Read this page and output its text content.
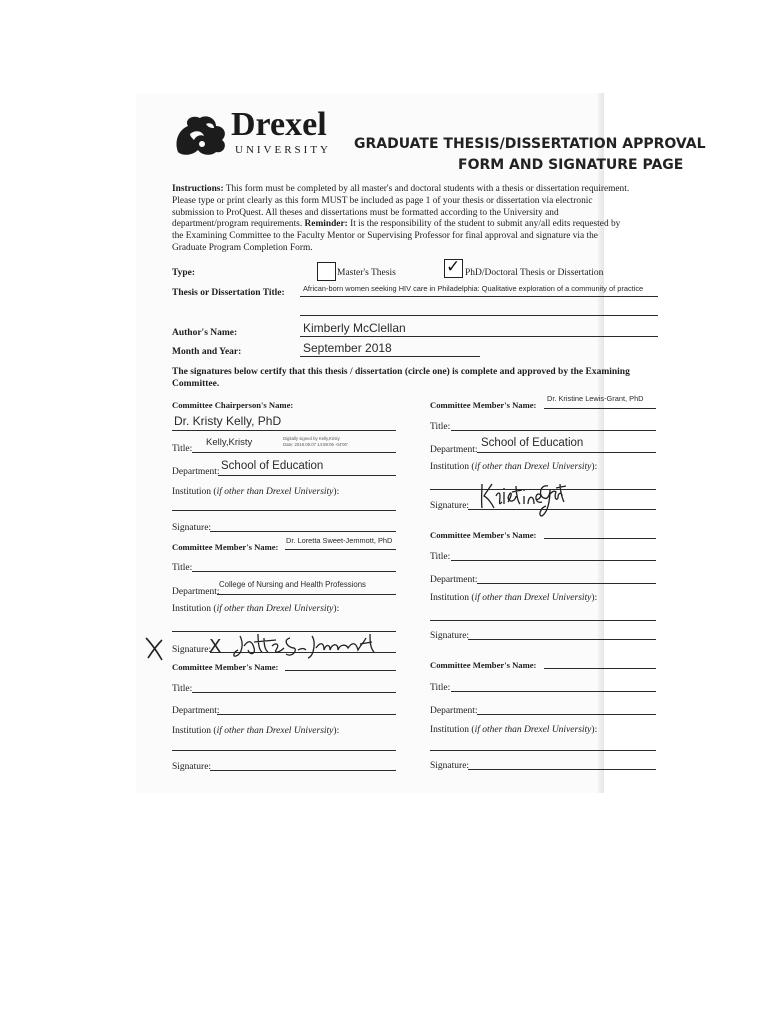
Drexel
UNIVERSITY GRADUATE THESIS/DISSERTATION APPROVAL
FORM AND SIGNATURE PAGE

Instructions: This form must be completed by all master's and doctoral students with a thesis or dissertation requirement.

Please type or print clearly as this form MUST be included as page 1 of your thesis or dissertation via electronic

submission to ProQuest. All theses and dissertations must be formatted according to the University and

department/program requirements. Reminder: It is the responsibility of the student to submit any/all edits requested by

the Examining Committee to the Faculty Mentor or Supervising Professor for final approval and signature via the

Graduate Program Completion Form.

Type:	Master's Thesis	✓ PhD/Doctoral Thesis or Dissertation
Thesis or Dissertation Title: African-born women seeking HIV care in Philadelphia: Qualitative exploration of a community of practice
Author's Name:	Kimberly McClellan
Month and Year:	September 2018
The signatures below certify that this thesis / dissertation (circle one) is complete and approved by the Examining
Committee.
Committee Chairperson's Name:
Dr. Kristy Kelly, PhD
Title:
Kelly,Kristy	Digitally signed by Kelly,Kristy
Date: 2018.09.07 14:59:06 -04'00'
Department: School of Education
Institution (if other than Drexel University):
Signature:
Committee Member's Name:
Dr. Loretta Sweet-Jemmott, PhD
Title:
Department:
College of Nursing and Health Professions
Institution (if other than Drexel University):
Signature:
X
Committee Member's Name:
Title:
Department:
Institution (if other than Drexel University):
Signature:
Committee Member's Name:
Dr. Kristine Lewis-Grant, PhD
Title:
Department:
School of Education
Institution (if other than Drexel University):
Signature:
Committee Member's Name:
Title:
Department:
Institution (if other than Drexel University):
Signature:
Committee Member's Name:
Title:
Department:
Institution (if other than Drexel University):
Signature:
